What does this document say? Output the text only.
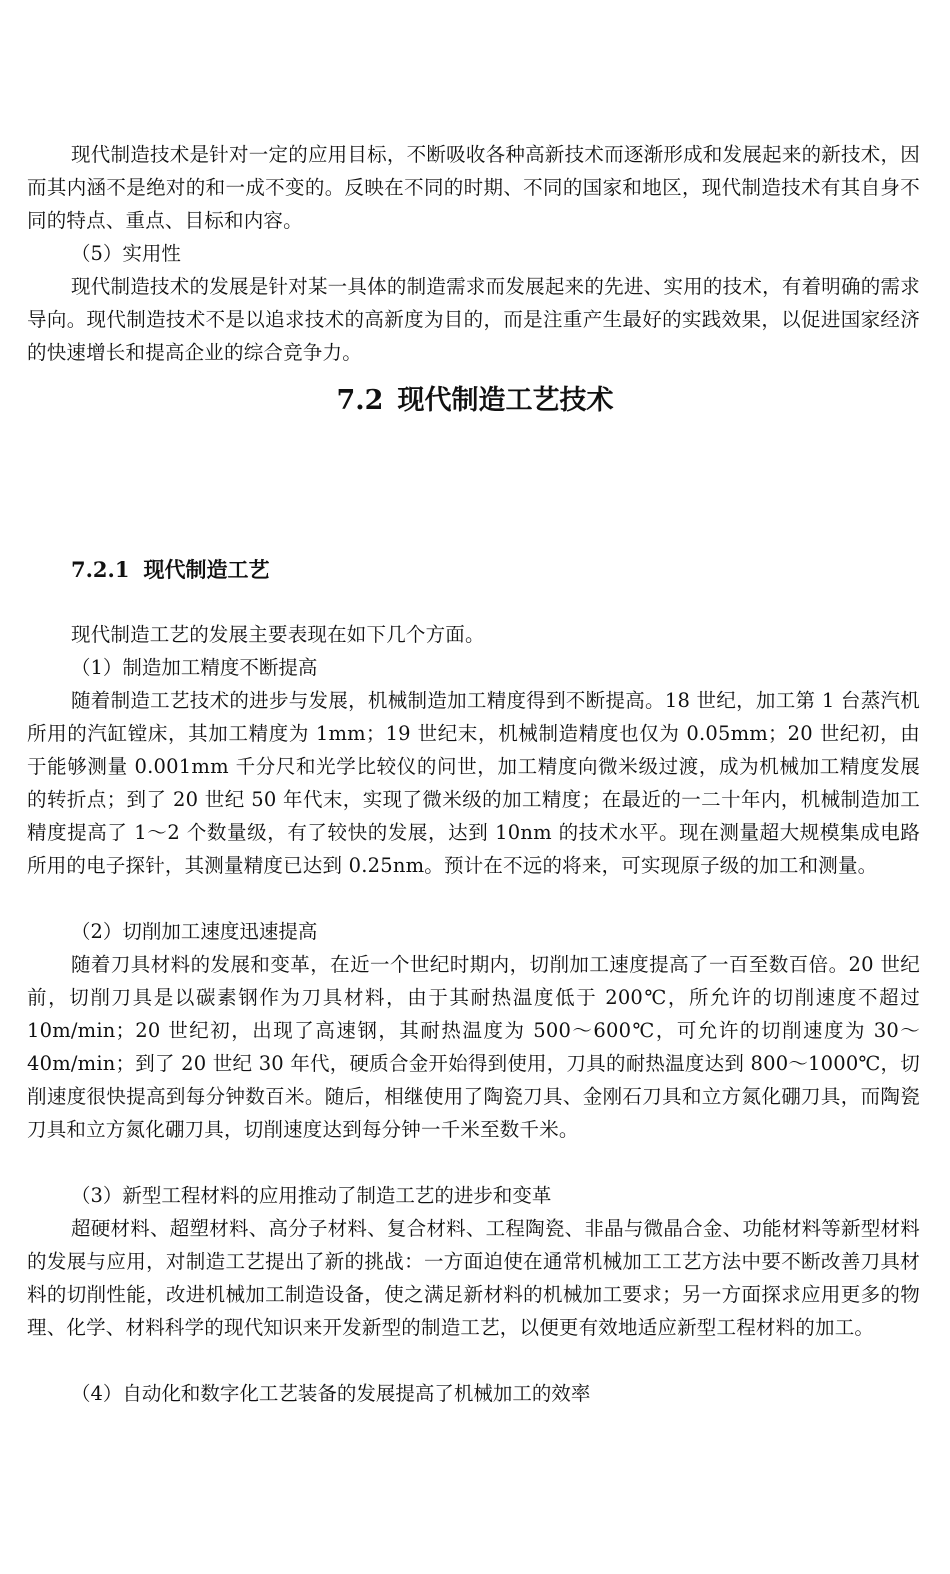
现代制造技术是针对一定的应用目标，不断吸收各种高新技术而逐渐形成和发展起来的新技术，因而其内涵不是绝对的和一成不变的。反映在不同的时期、不同的国家和地区，现代制造技术有其自身不同的特点、重点、目标和内容。

（5）实用性

现代制造技术的发展是针对某一具体的制造需求而发展起来的先进、实用的技术，有着明确的需求导向。现代制造技术不是以追求技术的高新度为目的，而是注重产生最好的实践效果，以促进国家经济的快速增长和提高企业的综合竞争力。

7.2 现代制造工艺技术
7.2.1 现代制造工艺

现代制造工艺的发展主要表现在如下几个方面。

（1）制造加工精度不断提高

随着制造工艺技术的进步与发展，机械制造加工精度得到不断提高。18 世纪，加工第 1 台蒸汽机所用的汽缸镗床，其加工精度为 1mm；19 世纪末，机械制造精度也仅为 0.05mm；20 世纪初，由于能够测量 0.001mm 千分尺和光学比较仪的问世，加工精度向微米级过渡，成为机械加工精度发展的转折点；到了 20 世纪 50 年代末，实现了微米级的加工精度；在最近的一二十年内，机械制造加工精度提高了 1～2 个数量级，有了较快的发展，达到 10nm 的技术水平。现在测量超大规模集成电路所用的电子探针，其测量精度已达到 0.25nm。预计在不远的将来，可实现原子级的加工和测量。

（2）切削加工速度迅速提高

随着刀具材料的发展和变革，在近一个世纪时期内，切削加工速度提高了一百至数百倍。20 世纪前，切削刀具是以碳素钢作为刀具材料，由于其耐热温度低于 200℃，所允许的切削速度不超过 10m/min；20 世纪初，出现了高速钢，其耐热温度为 500～600℃，可允许的切削速度为 30～40m/min；到了 20 世纪 30 年代，硬质合金开始得到使用，刀具的耐热温度达到 800～1000℃，切削速度很快提高到每分钟数百米。随后，相继使用了陶瓷刀具、金刚石刀具和立方氮化硼刀具，而陶瓷刀具和立方氮化硼刀具，切削速度达到每分钟一千米至数千米。

（3）新型工程材料的应用推动了制造工艺的进步和变革

超硬材料、超塑材料、高分子材料、复合材料、工程陶瓷、非晶与微晶合金、功能材料等新型材料的发展与应用，对制造工艺提出了新的挑战：一方面迫使在通常机械加工工艺方法中要不断改善刀具材料的切削性能，改进机械加工制造设备，使之满足新材料的机械加工要求；另一方面探求应用更多的物理、化学、材料科学的现代知识来开发新型的制造工艺，以便更有效地适应新型工程材料的加工。

（4）自动化和数字化工艺装备的发展提高了机械加工的效率
